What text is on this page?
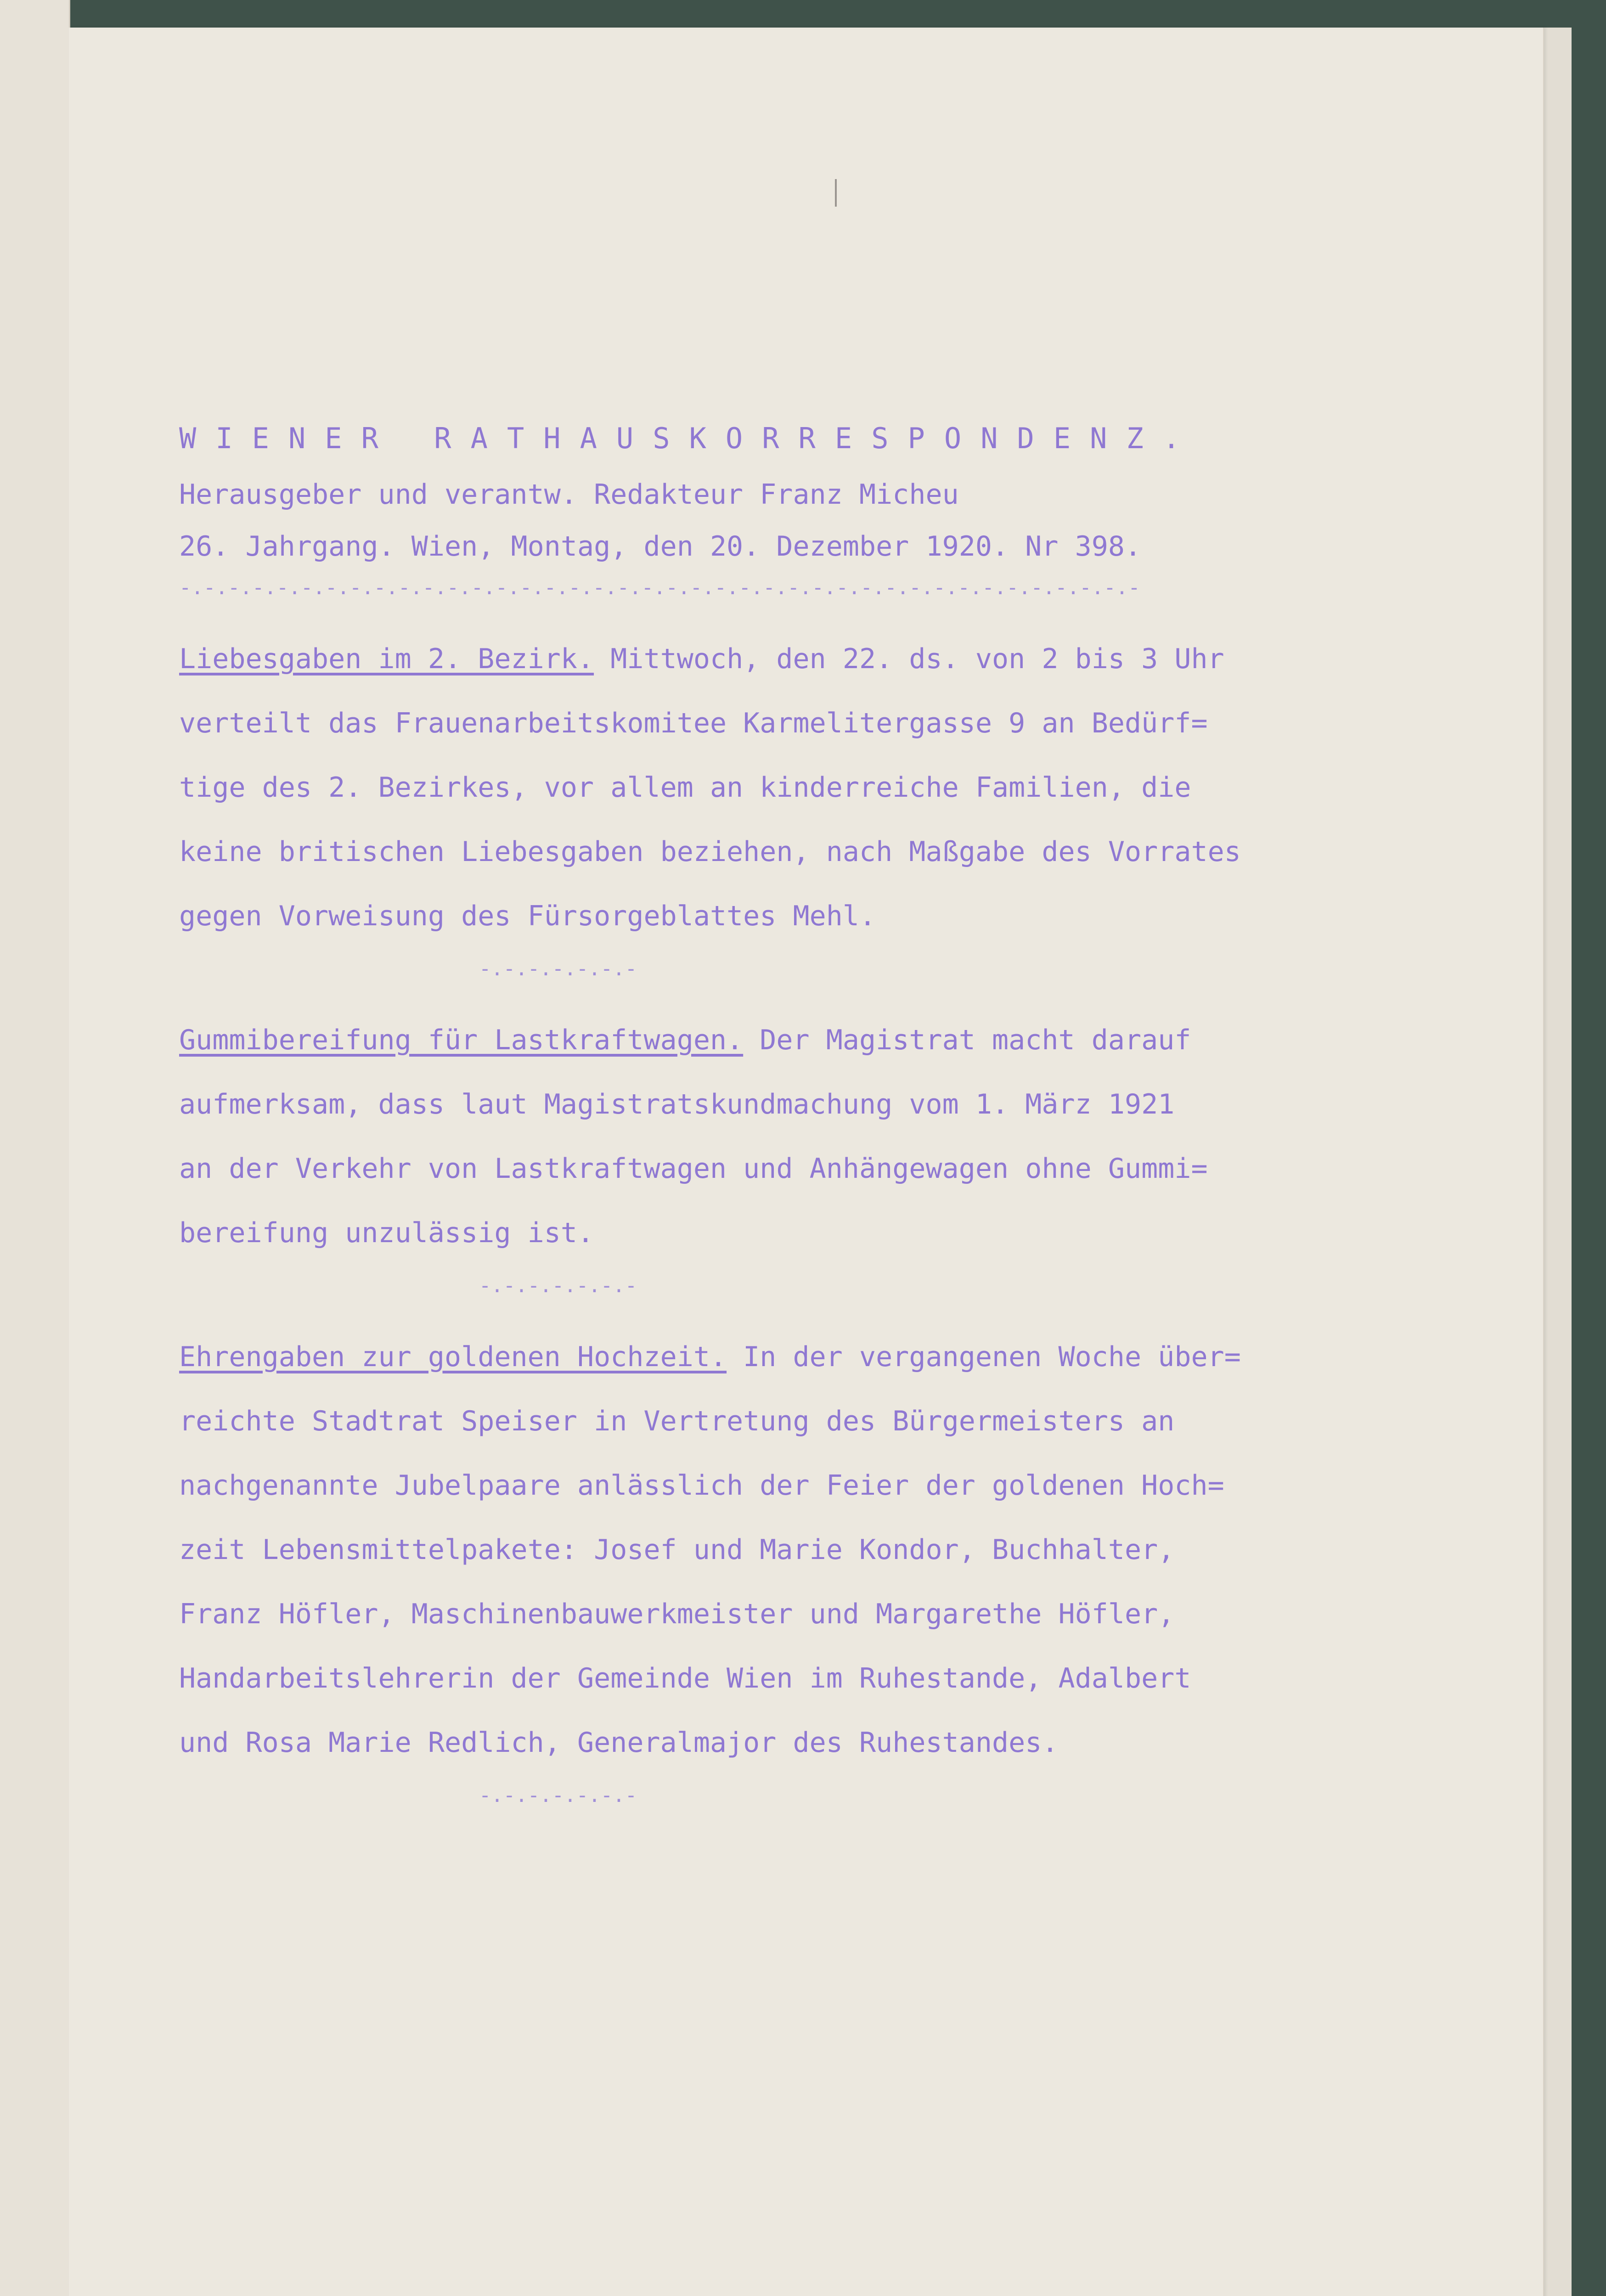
WIENER RATHAUSKORRESPONDENZ.

Herausgeber und verantw. Redakteur Franz Micheu

26. Jahrgang. Wien, Montag, den 20. Dezember 1920. Nr 398.

-.-.-.-.-.-.-.-.-.-.-.-.-.-.-.-.-.-.-.-.-.-.-.-.-.-.-.-.-.-.-.-.-.-.-.-.-.-.-.-

Liebesgaben im 2. Bezirk. Mittwoch, den 22. ds. von 2 bis 3 Uhr

verteilt das Frauenarbeitskomitee Karmelitergasse 9 an Bedürf=

tige des 2. Bezirkes, vor allem an kinderreiche Familien, die

keine britischen Liebesgaben beziehen, nach Maßgabe des Vorrates

gegen Vorweisung des Fürsorgeblattes Mehl.

-.-.-.-.-.-.-

Gummibereifung für Lastkraftwagen. Der Magistrat macht darauf

aufmerksam, dass laut Magistratskundmachung vom 1. März 1921

an der Verkehr von Lastkraftwagen und Anhängewagen ohne Gummi=

bereifung unzulässig ist.

-.-.-.-.-.-.-

Ehrengaben zur goldenen Hochzeit. In der vergangenen Woche über=

reichte Stadtrat Speiser in Vertretung des Bürgermeisters an

nachgenannte Jubelpaare anlässlich der Feier der goldenen Hoch=

zeit Lebensmittelpakete: Josef und Marie Kondor, Buchhalter,

Franz Höfler, Maschinenbauwerkmeister und Margarethe Höfler,

Handarbeitslehrerin der Gemeinde Wien im Ruhestande, Adalbert

und Rosa Marie Redlich, Generalmajor des Ruhestandes.

-.-.-.-.-.-.-
